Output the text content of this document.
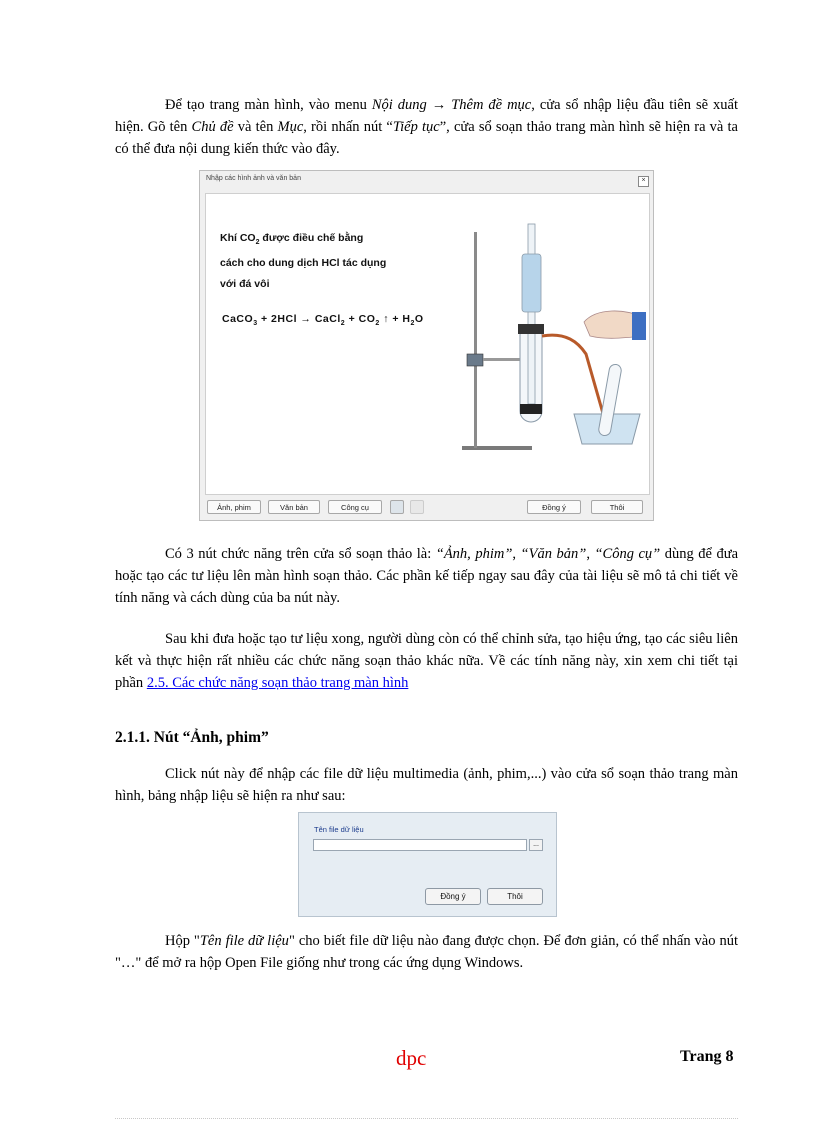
Để tạo trang màn hình, vào menu Nội dung → Thêm đề mục, cửa sổ nhập liệu đầu tiên sẽ xuất hiện. Gõ tên Chủ đề và tên Mục, rồi nhấn nút “Tiếp tục”, cửa sổ soạn thảo trang màn hình sẽ hiện ra và ta có thể đưa nội dung kiến thức vào đây.

Nhập các hình ảnh và văn bản	×
Khí $CO_2$ được điều chế bằng
cách cho dung dịch HCl tác dụng
với đá vôi
CaCO$_3$ + 2HCl → CaCl$_2$ + $CO_2$ ↑ + $H_2O$
Ảnh, phim	Văn bản	Công cụ	Đồng ý	Thôi

Có 3 nút chức năng trên cửa sổ soạn thảo là: “Ảnh, phim”, “Văn bản”, “Công cụ” dùng để đưa hoặc tạo các tư liệu lên màn hình soạn thảo. Các phần kế tiếp ngay sau đây của tài liệu sẽ mô tả chi tiết về tính năng và cách dùng của ba nút này.

Sau khi đưa hoặc tạo tư liệu xong, người dùng còn có thể chỉnh sửa, tạo hiệu ứng, tạo các siêu liên kết và thực hiện rất nhiều các chức năng soạn thảo khác nữa. Về các tính năng này, xin xem chi tiết tại phần 2.5. Các chức năng soạn thảo trang màn hình

2.1.1. Nút “Ảnh, phim”

Click nút này để nhập các file dữ liệu multimedia (ảnh, phim,...) vào cửa sổ soạn thảo trang màn hình, bảng nhập liệu sẽ hiện ra như sau:

Tên file dữ liệu
...
Đồng ý	Thôi

Hộp "Tên file dữ liệu" cho biết file dữ liệu nào đang được chọn. Để đơn giản, có thể nhấn vào nút "…" để mở ra hộp Open File giống như trong các ứng dụng Windows.

dpc	Trang 8
